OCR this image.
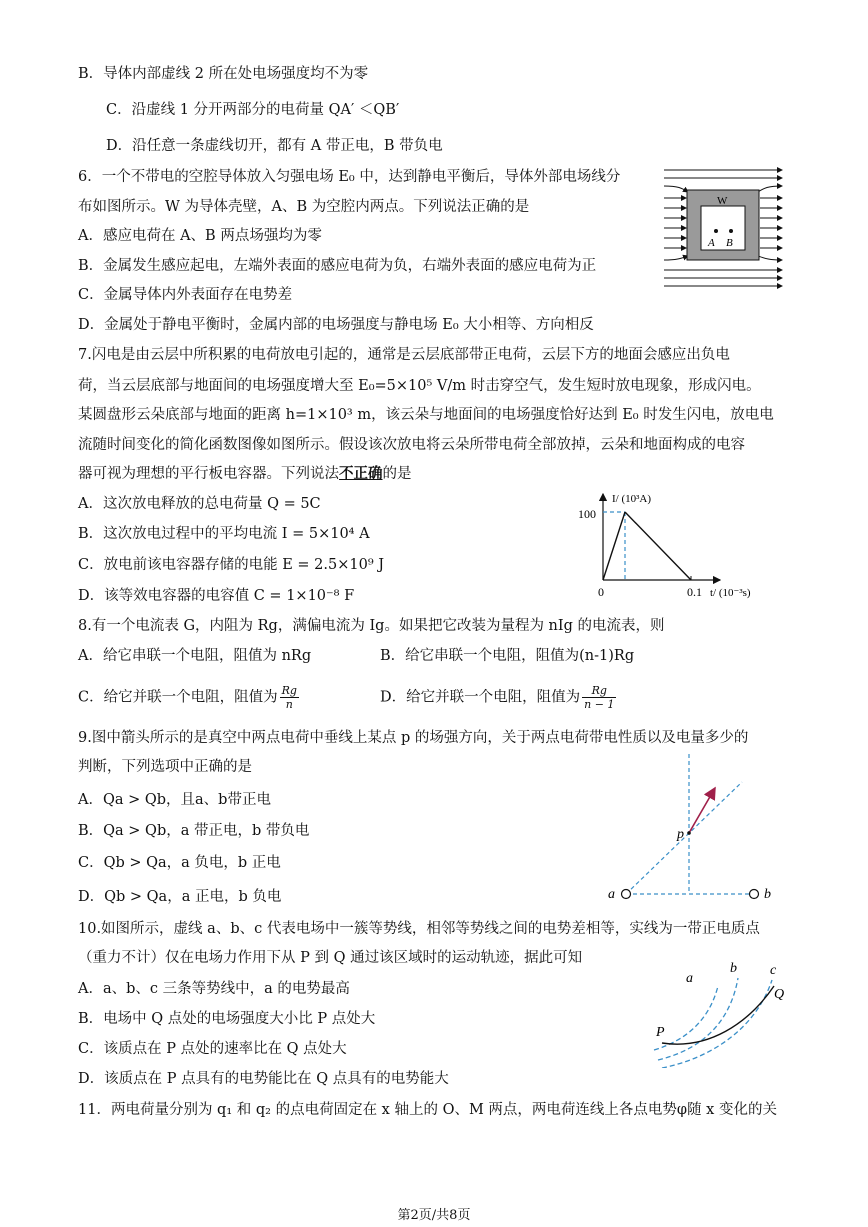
B．导体内部虚线 2 所在处电场强度均不为零
C．沿虚线 1 分开两部分的电荷量 QA′ ＜QB′
D．沿任意一条虚线切开，都有 A 带正电，B 带负电
6．一个不带电的空腔导体放入匀强电场 E₀ 中，达到静电平衡后，导体外部电场线分
布如图所示。W 为导体壳壁，A、B 为空腔内两点。下列说法正确的是
A．感应电荷在 A、B 两点场强均为零
B．金属发生感应起电，左端外表面的感应电荷为负，右端外表面的感应电荷为正
C．金属导体内外表面存在电势差
D．金属处于静电平衡时，金属内部的电场强度与静电场 E₀ 大小相等、方向相反
W
A B
7.闪电是由云层中所积累的电荷放电引起的，通常是云层底部带正电荷，云层下方的地面会感应出负电
荷，当云层底部与地面间的电场强度增大至 E₀=5×10⁵ V/m 时击穿空气，发生短时放电现象，形成闪电。
某圆盘形云朵底部与地面的距离 h=1×10³ m，该云朵与地面间的电场强度恰好达到 E₀ 时发生闪电，放电电
流随时间变化的简化函数图像如图所示。假设该次放电将云朵所带电荷全部放掉，云朵和地面构成的电容
器可视为理想的平行板电容器。下列说法不正确的是
A．这次放电释放的总电荷量 Q = 5C
B．这次放电过程中的平均电流 I = 5×10⁴ A
C．放电前该电容器存储的电能 E = 2.5×10⁹ J
D．该等效电容器的电容值 C = 1×10⁻⁸ F
I/ (10³A)
t/ (10⁻³s)
100
0.1
0
8.有一个电流表 G，内阻为 Rg，满偏电流为 Ig。如果把它改装为量程为 nIg 的电流表，则
A．给它串联一个电阻，阻值为 nRg	B．给它串联一个电阻，阻值为(n-1)Rg
C．给它并联一个电阻，阻值为 $\frac{Rg}{n}$	D．给它并联一个电阻，阻值为 $\frac{Rg}{n - 1}$
9.图中箭头所示的是真空中两点电荷中垂线上某点 p 的场强方向，关于两点电荷带电性质以及电量多少的
判断，下列选项中正确的是
A．Qa > Qb，且a、b带正电
B．Qa > Qb，a 带正电，b 带负电
C．Qb > Qa，a 负电，b 正电
D．Qb > Qa，a 正电，b 负电
p
a	b
10.如图所示，虚线 a、b、c 代表电场中一簇等势线，相邻等势线之间的电势差相等，实线为一带正电质点
（重力不计）仅在电场力作用下从 P 到 Q 通过该区域时的运动轨迹，据此可知
A．a、b、c 三条等势线中，a 的电势最高
B．电场中 Q 点处的电场强度大小比 P 点处大
C．该质点在 P 点处的速率比在 Q 点处大
D．该质点在 P 点具有的电势能比在 Q 点具有的电势能大
a
b c
P
Q
11．两电荷量分别为 q₁ 和 q₂ 的点电荷固定在 x 轴上的 O、M 两点，两电荷连线上各点电势φ随 x 变化的关
第2页/共8页
